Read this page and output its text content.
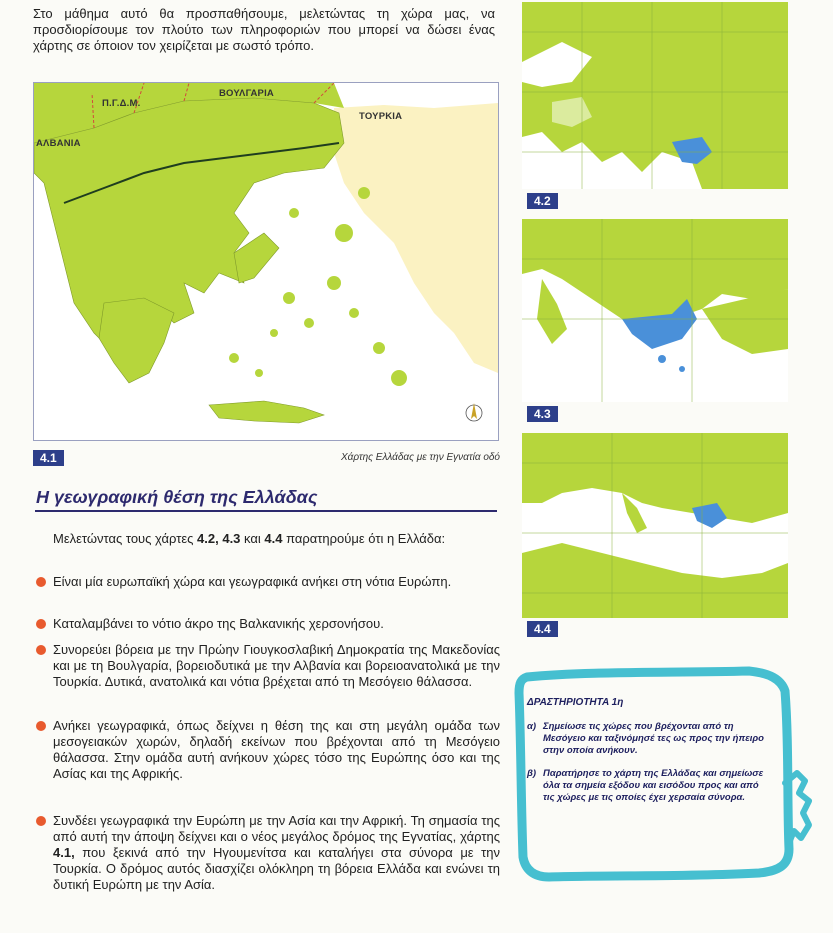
Στο μάθημα αυτό θα προσπαθήσουμε, μελετώντας τη χώρα μας, να προσδιορίσουμε τον πλούτο των πληροφοριών που μπορεί να δώσει ένας χάρτης σε όποιον τον χειρίζεται με σωστό τρόπο.

Π.Γ.Δ.Μ.
ΒΟΥΛΓΑΡΙΑ
ΑΛΒΑΝΙΑ
ΤΟΥΡΚΙΑ
4.1	Χάρτης Ελλάδας με την Εγνατία οδό
Η γεωγραφική θέση της Ελλάδας

Μελετώντας τους χάρτες 4.2, 4.3 και 4.4 παρατηρούμε ότι η Ελλάδα:

Είναι μία ευρωπαϊκή χώρα και γεωγραφικά ανήκει στη νότια Ευρώπη.
Καταλαμβάνει το νότιο άκρο της Βαλκανικής χερσονήσου.
Συνορεύει βόρεια με την Πρώην Γιουγκοσλαβική Δημοκρατία της Μακεδονίας και με τη Βουλγαρία, βορειοδυτικά με την Αλβανία και βορειοανατολικά με την Τουρκία. Δυτικά, ανατολικά και νότια βρέχεται από τη Μεσόγειο θάλασσα.
Ανήκει γεωγραφικά, όπως δείχνει η θέση της και στη μεγάλη ομάδα των μεσογειακών χωρών, δηλαδή εκείνων που βρέχονται από τη Μεσόγειο θάλασσα. Στην ομάδα αυτή ανήκουν χώρες τόσο της Ευρώπης όσο και της Ασίας και της Αφρικής.
Συνδέει γεωγραφικά την Ευρώπη με την Ασία και την Αφρική. Τη σημασία της από αυτή την άποψη δείχνει και ο νέος μεγάλος δρόμος της Εγνατίας, χάρτης 4.1, που ξεκινά από την Ηγουμενίτσα και καταλήγει στα σύνορα με την Τουρκία. Ο δρόμος αυτός διασχίζει ολόκληρη τη βόρεια Ελλάδα και ενώνει τη δυτική Ευρώπη με την Ασία.
4.2
4.3
4.4
ΔΡΑΣΤΗΡΙΟΤΗΤΑ 1η
α) Σημείωσε τις χώρες που βρέχονται από τη Μεσόγειο και ταξινόμησέ τες ως προς την ήπειρο στην οποία ανήκουν.
β) Παρατήρησε το χάρτη της Ελλάδας και σημείωσε όλα τα σημεία εξόδου και εισόδου προς και από τις χώρες με τις οποίες έχει χερσαία σύνορα.
